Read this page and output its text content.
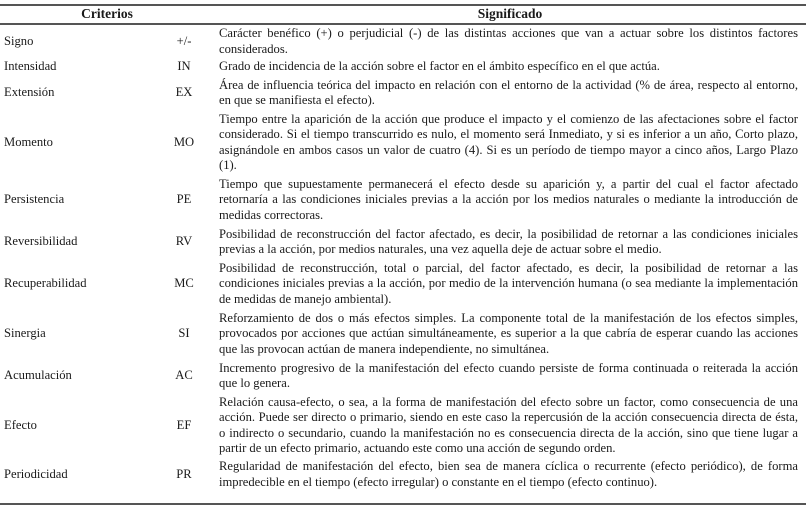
Criterios		Significado
Signo	+/-	Carácter benéfico (+) o perjudicial (-) de las distintas acciones que van a actuar sobre los distintos factores considerados.
Intensidad	IN	Grado de incidencia de la acción sobre el factor en el ámbito específico en el que actúa.
Extensión	EX	Área de influencia teórica del impacto en relación con el entorno de la actividad (% de área, respecto al entorno, en que se manifiesta el efecto).
Momento	MO	Tiempo entre la aparición de la acción que produce el impacto y el comienzo de las afectaciones sobre el factor considerado. Si el tiempo transcurrido es nulo, el momento será Inmediato, y si es inferior a un año, Corto plazo, asignándole en ambos casos un valor de cuatro (4). Si es un período de tiempo mayor a cinco años, Largo Plazo (1).
Persistencia	PE	Tiempo que supuestamente permanecerá el efecto desde su aparición y, a partir del cual el factor afectado retornaría a las condiciones iniciales previas a la acción por los medios naturales o mediante la introducción de medidas correctoras.
Reversibilidad	RV	Posibilidad de reconstrucción del factor afectado, es decir, la posibilidad de retornar a las condiciones iniciales previas a la acción, por medios naturales, una vez aquella deje de actuar sobre el medio.
Recuperabilidad	MC	Posibilidad de reconstrucción, total o parcial, del factor afectado, es decir, la posibilidad de retornar a las condiciones iniciales previas a la acción, por medio de la intervención humana (o sea mediante la implementación de medidas de manejo ambiental).
Sinergia	SI	Reforzamiento de dos o más efectos simples. La componente total de la manifestación de los efectos simples, provocados por acciones que actúan simultáneamente, es superior a la que cabría de esperar cuando las acciones que las provocan actúan de manera independiente, no simultánea.
Acumulación	AC	Incremento progresivo de la manifestación del efecto cuando persiste de forma continuada o reiterada la acción que lo genera.
Efecto	EF	Relación causa-efecto, o sea, a la forma de manifestación del efecto sobre un factor, como consecuencia de una acción. Puede ser directo o primario, siendo en este caso la repercusión de la acción consecuencia directa de ésta, o indirecto o secundario, cuando la manifestación no es consecuencia directa de la acción, sino que tiene lugar a partir de un efecto primario, actuando este como una acción de segundo orden.
Periodicidad	PR	Regularidad de manifestación del efecto, bien sea de manera cíclica o recurrente (efecto periódico), de forma impredecible en el tiempo (efecto irregular) o constante en el tiempo (efecto continuo).
